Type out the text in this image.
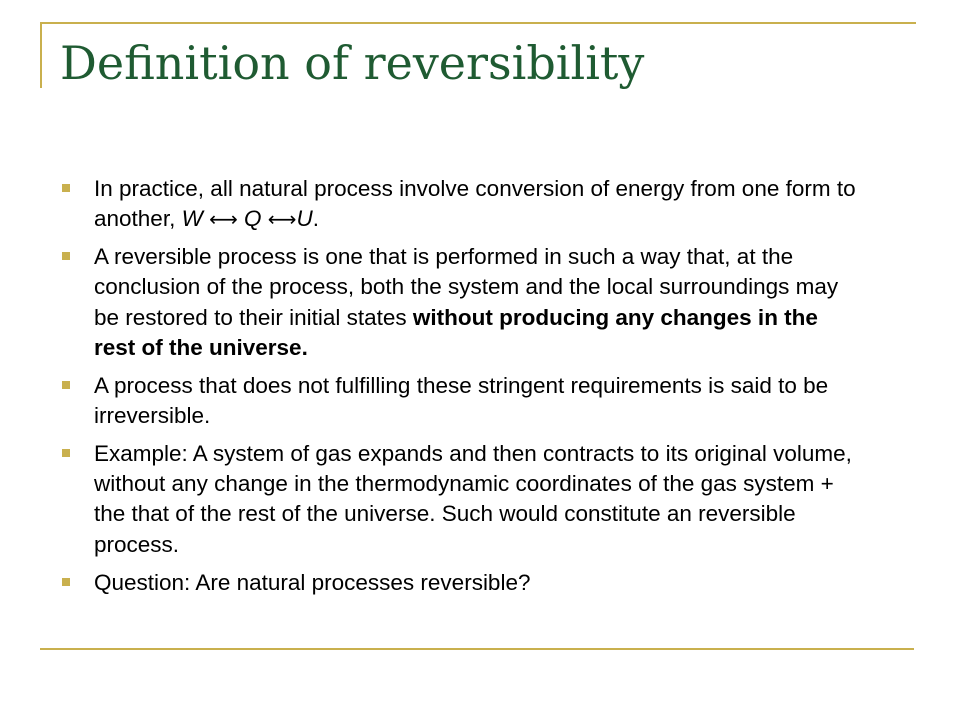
Definition of reversibility
In practice, all natural process involve conversion of energy from one form to another, W ⟷ Q ⟷U.
A reversible process is one that is performed in such a way that, at the conclusion of the process, both the system and the local surroundings may be restored to their initial states without producing any changes in the rest of the universe.
A process that does not fulfilling these stringent requirements is said to be irreversible.
Example: A system of gas expands and then contracts to its original volume, without any change in the thermodynamic coordinates of the gas system + the that of the rest of the universe. Such would constitute an reversible process.
Question: Are natural processes reversible?
